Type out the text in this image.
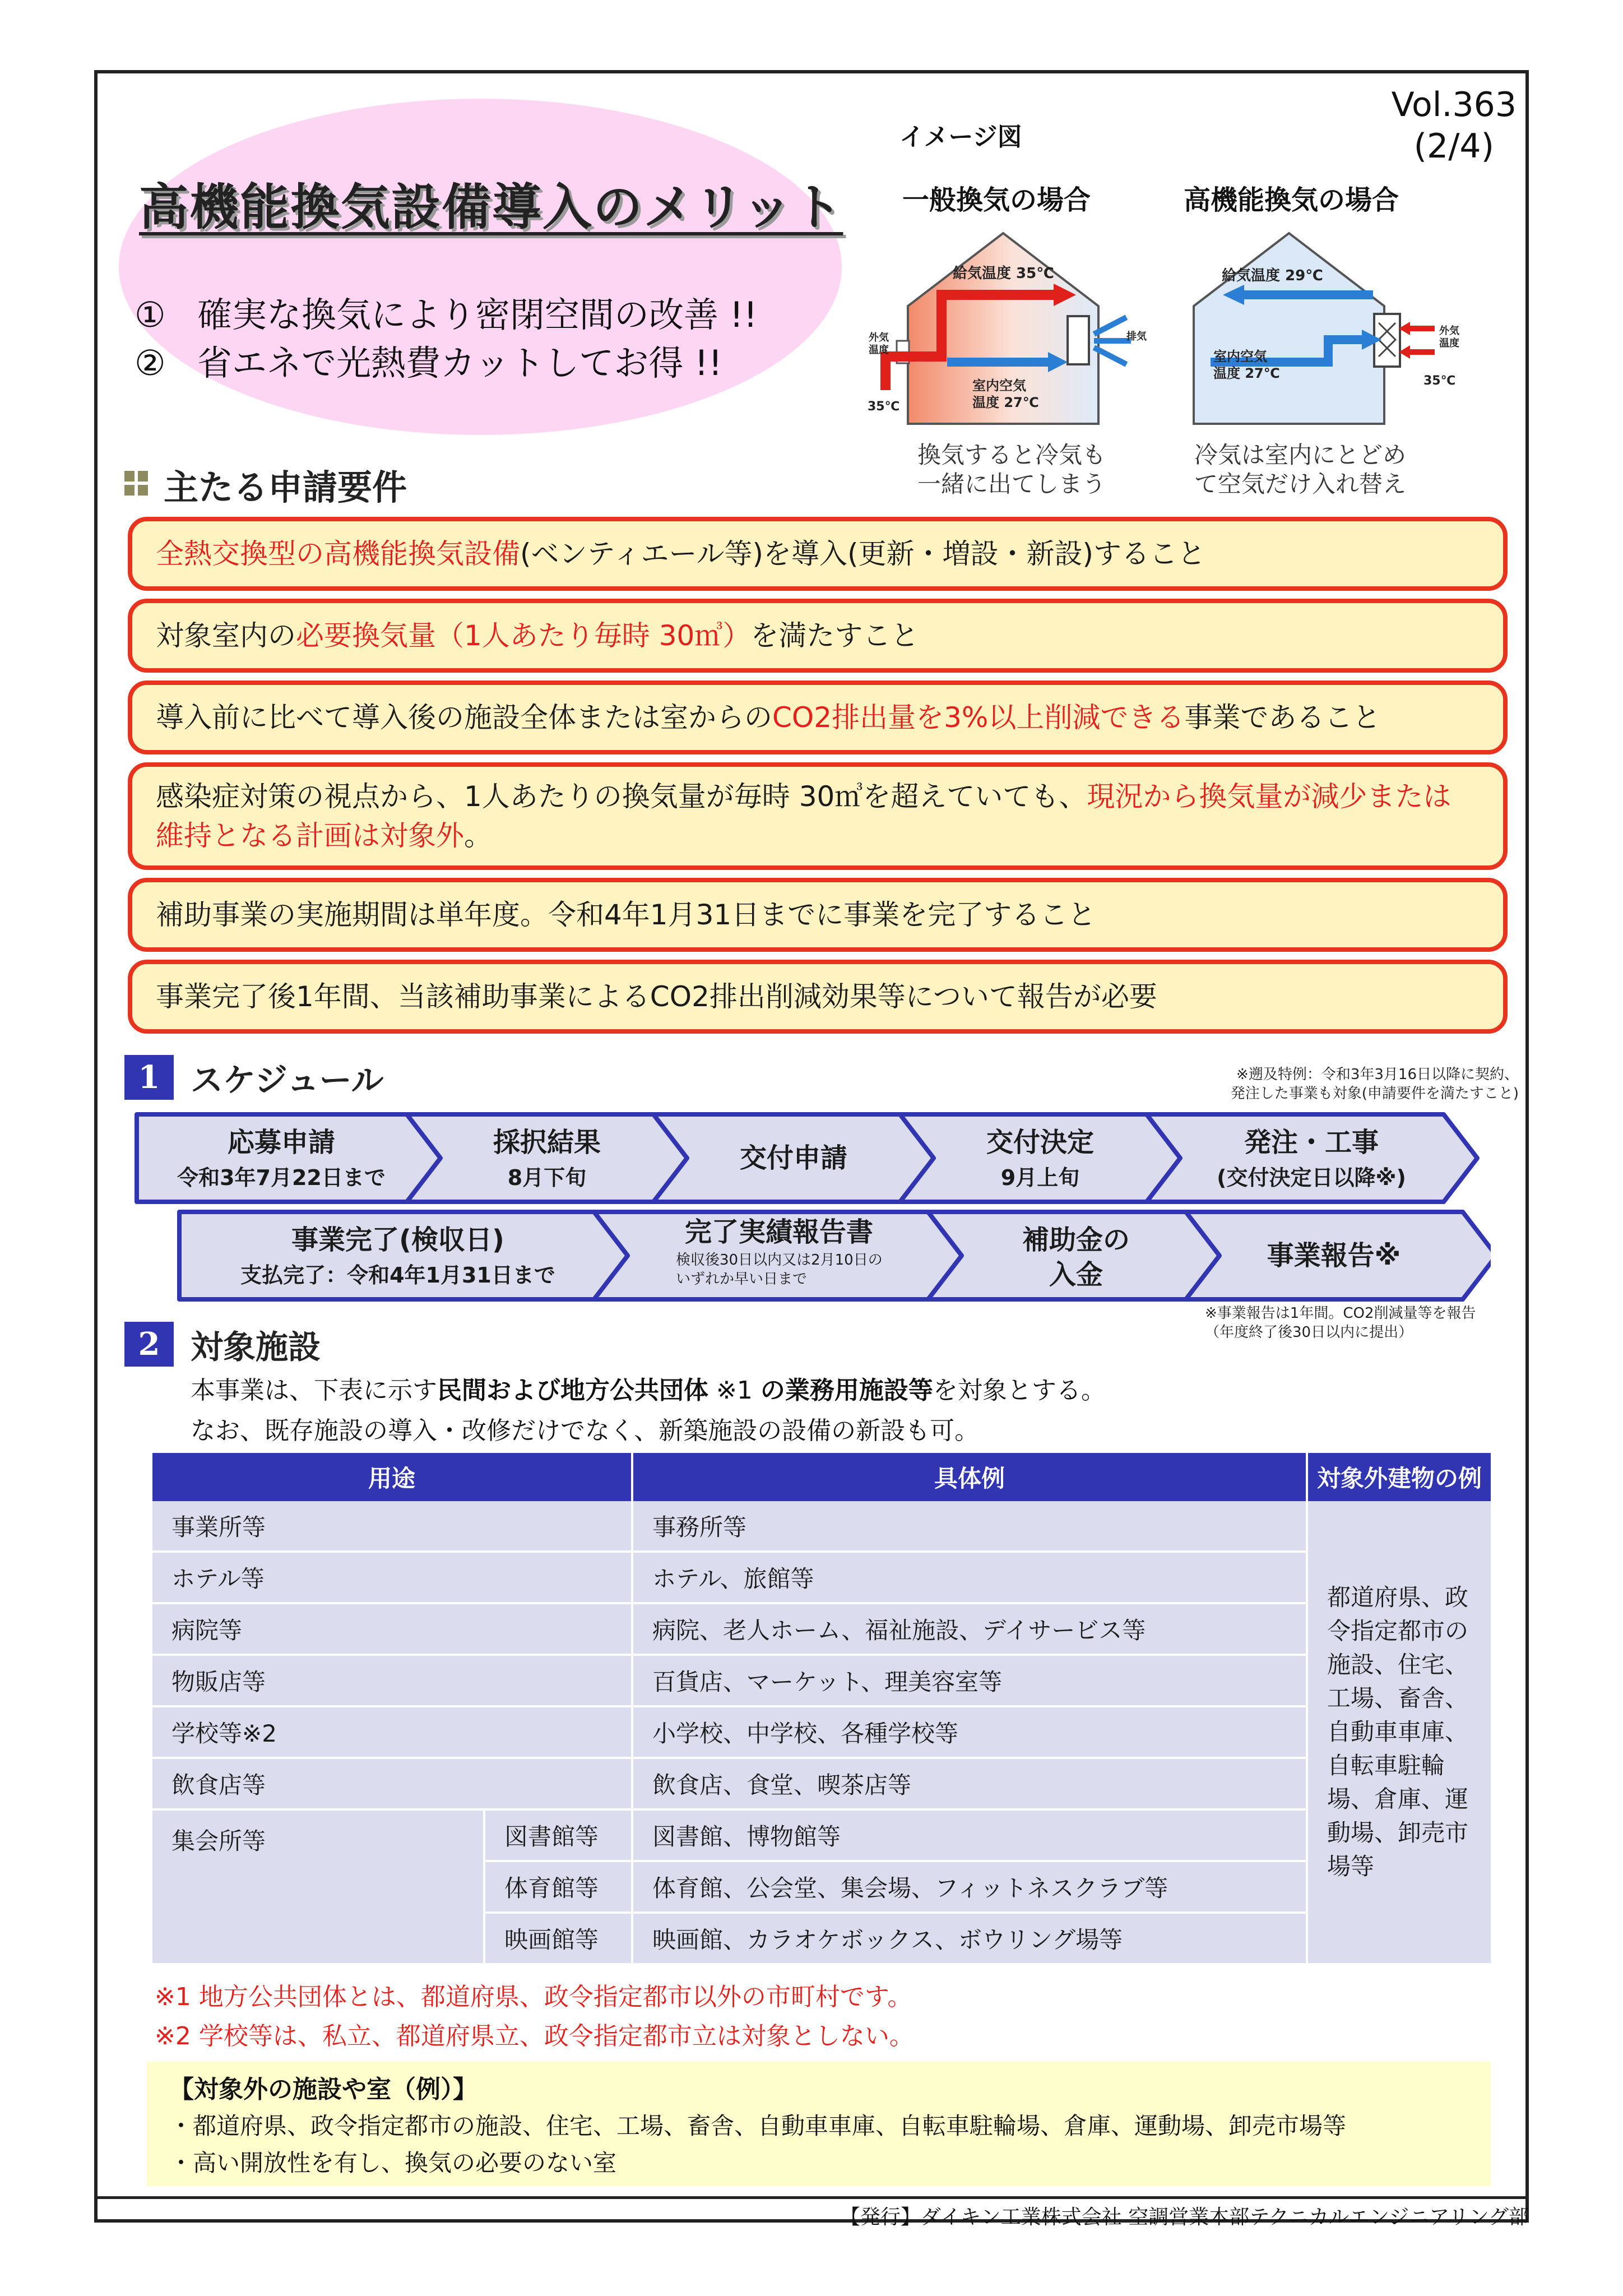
Vol.363
(2/4)
高機能換気設備導入のメリット
① 確実な換気により密閉空間の改善 !!
② 省エネで光熱費カットしてお得 !!
イメージ図
一般換気の場合	高機能換気の場合
給気温度 35℃
外気
温度
35℃
室内空気
温度 27℃
排気
給気温度 29℃
外気
温度
35℃
室内空気
温度 27℃
換気すると冷気も
一緒に出てしまう
冷気は室内にとどめ
て空気だけ入れ替え
主たる申請要件
全熱交換型の高機能換気設備(ベンティエール等)を導入(更新・増設・新設)すること
対象室内の必要換気量（1人あたり毎時 30㎥）を満たすこと
導入前に比べて導入後の施設全体または室からのCO2排出量を3%以上削減できる事業であること
感染症対策の視点から、1人あたりの換気量が毎時 30㎥を超えていても、現況から換気量が減少または維持となる計画は対象外。
補助事業の実施期間は単年度。令和4年1月31日までに事業を完了すること
事業完了後1年間、当該補助事業によるCO2排出削減効果等について報告が必要
1 スケジュール	※遡及特例：令和3年3月16日以降に契約、
発注した事業も対象(申請要件を満たすこと)
応募申請
令和3年7月22日まで
採択結果
8月下旬
交付申請	交付決定
9月上旬
発注・工事
(交付決定日以降※)
事業完了(検収日)
支払完了：令和4年1月31日まで
完了実績報告書	補助金の
入金
事業報告※
検収後30日以内又は2月10日の
いずれか早い日まで
※事業報告は1年間。CO2削減量等を報告
（年度終了後30日以内に提出）
2 対象施設
本事業は、下表に示す民間および地方公共団体 ※1 の業務用施設等を対象とする。
なお、既存施設の導入・改修だけでなく、新築施設の設備の新設も可。
用途		具体例	対象外建物の例
事業所等		事務所等	都道府県、政令指定都市の施設、住宅、工場、畜舎、自動車車庫、自転車駐輪場、倉庫、運動場、卸売市場等
ホテル等		ホテル、旅館等	
病院等		病院、老人ホーム、福祉施設、デイサービス等	
物販店等		百貨店、マーケット、理美容室等	
学校等※2		小学校、中学校、各種学校等	
飲食店等		飲食店、食堂、喫茶店等	
集会所等	図書館等	図書館、博物館等	
	体育館等	体育館、公会堂、集会場、フィットネスクラブ等	
	映画館等	映画館、カラオケボックス、ボウリング場等	
※1 地方公共団体とは、都道府県、政令指定都市以外の市町村です。
※2 学校等は、私立、都道府県立、政令指定都市立は対象としない。
【対象外の施設や室（例）】
・都道府県、政令指定都市の施設、住宅、工場、畜舎、自動車車庫、自転車駐輪場、倉庫、運動場、卸売市場等
・高い開放性を有し、換気の必要のない室
【発行】ダイキン工業株式会社 空調営業本部テクニカルエンジニアリング部
